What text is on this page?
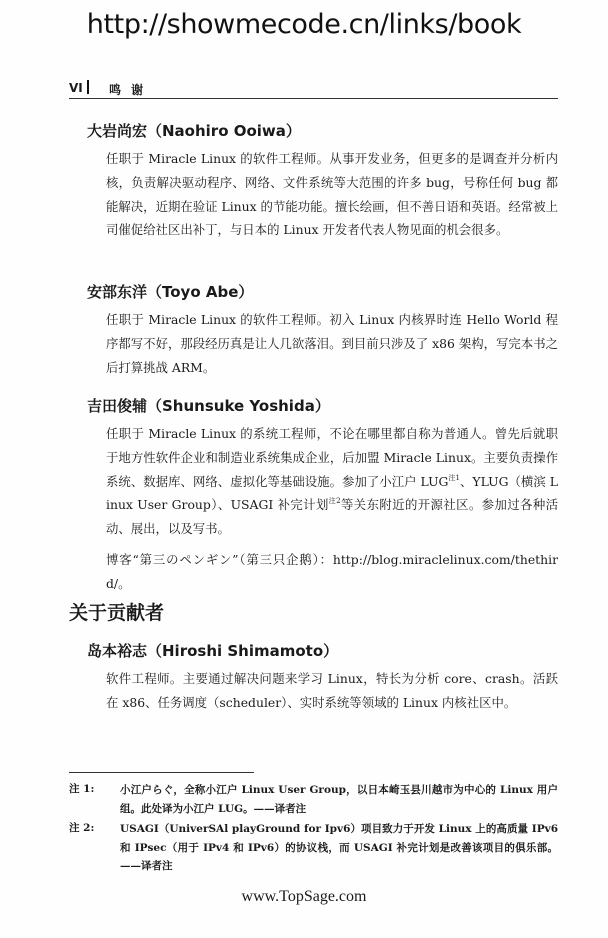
http://showmecode.cn/links/book
VI 鸣 谢
大岩尚宏（Naohiro Ooiwa）
任职于 Miracle Linux 的软件工程师。从事开发业务，但更多的是调查并分析内核，负责解决驱动程序、网络、文件系统等大范围的许多 bug，号称任何 bug 都能解决，近期在验证 Linux 的节能功能。擅长绘画，但不善日语和英语。经常被上司催促给社区出补丁，与日本的 Linux 开发者代表人物见面的机会很多。
安部东洋（Toyo Abe）
任职于 Miracle Linux 的软件工程师。初入 Linux 内核界时连 Hello World 程序都写不好，那段经历真是让人几欲落泪。到目前只涉及了 x86 架构，写完本书之后打算挑战 ARM。
吉田俊辅（Shunsuke Yoshida）
任职于 Miracle Linux 的系统工程师，不论在哪里都自称为普通人。曾先后就职于地方性软件企业和制造业系统集成企业，后加盟 Miracle Linux。主要负责操作系统、数据库、网络、虚拟化等基础设施。参加了小江户 LUG$^{注1}$、YLUG（横滨 Linux User Group）、USAGI 补完计划$^{注2}$等关东附近的开源社区。参加过各种活动、展出，以及写书。
博客“第三のペンギン”（第三只企鹅）：http://blog.miraclelinux.com/thethird/。
关于贡献者
岛本裕志（Hiroshi Shimamoto）
软件工程师。主要通过解决问题来学习 Linux，特长为分析 core、crash。活跃在 x86、任务调度（scheduler）、实时系统等领域的 Linux 内核社区中。
注 1: 小江户らぐ，全称小江户 Linux User Group，以日本崎玉县川越市为中心的 Linux 用户组。此处译为小江户 LUG。——译者注
注 2: USAGI（UniverSAl playGround for Ipv6）项目致力于开发 Linux 上的高质量 IPv6 和 IPsec（用于 IPv4 和 IPv6）的协议栈，而 USAGI 补完计划是改善该项目的俱乐部。——译者注
www.TopSage.com
